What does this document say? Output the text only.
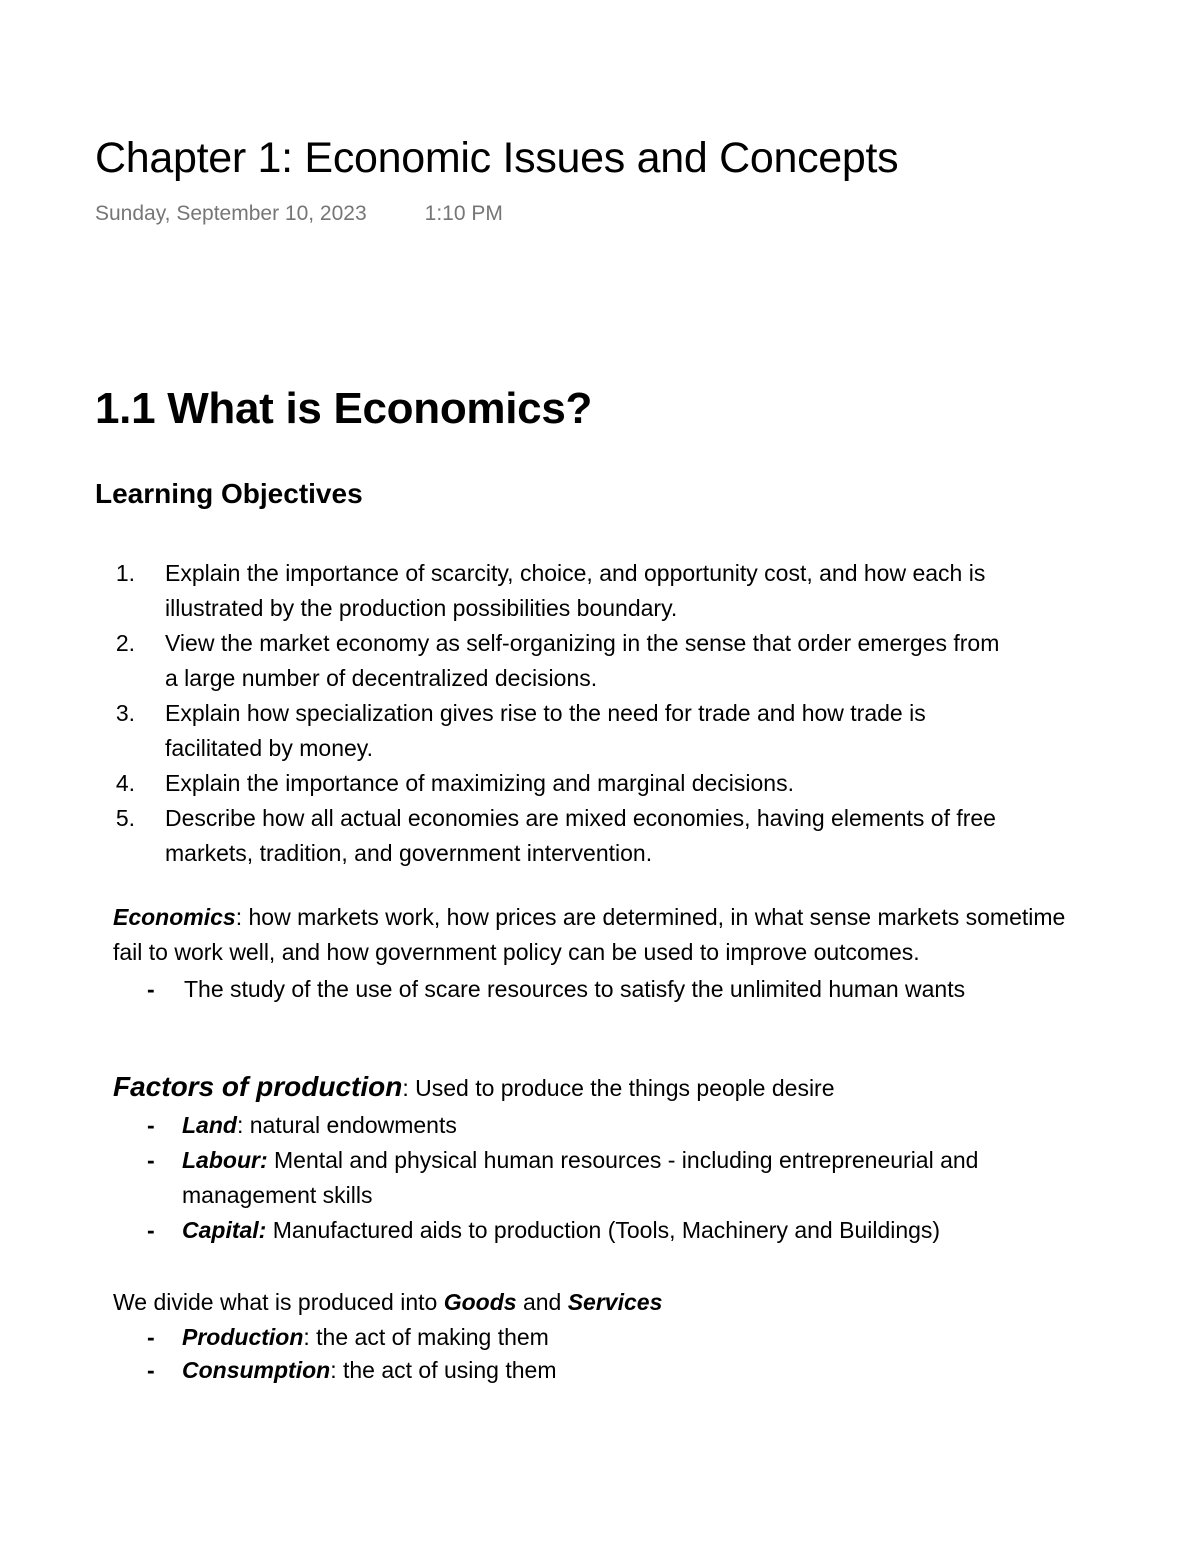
Chapter 1: Economic Issues and Concepts
Sunday, September 10, 2023	1:10 PM
1.1 What is Economics?
Learning Objectives
1. Explain the importance of scarcity, choice, and opportunity cost, and how each is
illustrated by the production possibilities boundary.
2. View the market economy as self-organizing in the sense that order emerges from
a large number of decentralized decisions.
3. Explain how specialization gives rise to the need for trade and how trade is
facilitated by money.
4. Explain the importance of maximizing and marginal decisions.
5. Describe how all actual economies are mixed economies, having elements of free
markets, tradition, and government intervention.
Economics: how markets work, how prices are determined, in what sense markets sometime
fail to work well, and how government policy can be used to improve outcomes.
- The study of the use of scare resources to satisfy the unlimited human wants
Factors of production: Used to produce the things people desire
- Land: natural endowments
- Labour: Mental and physical human resources - including entrepreneurial and
management skills
- Capital: Manufactured aids to production (Tools, Machinery and Buildings)
We divide what is produced into Goods and Services
- Production: the act of making them
- Consumption: the act of using them
